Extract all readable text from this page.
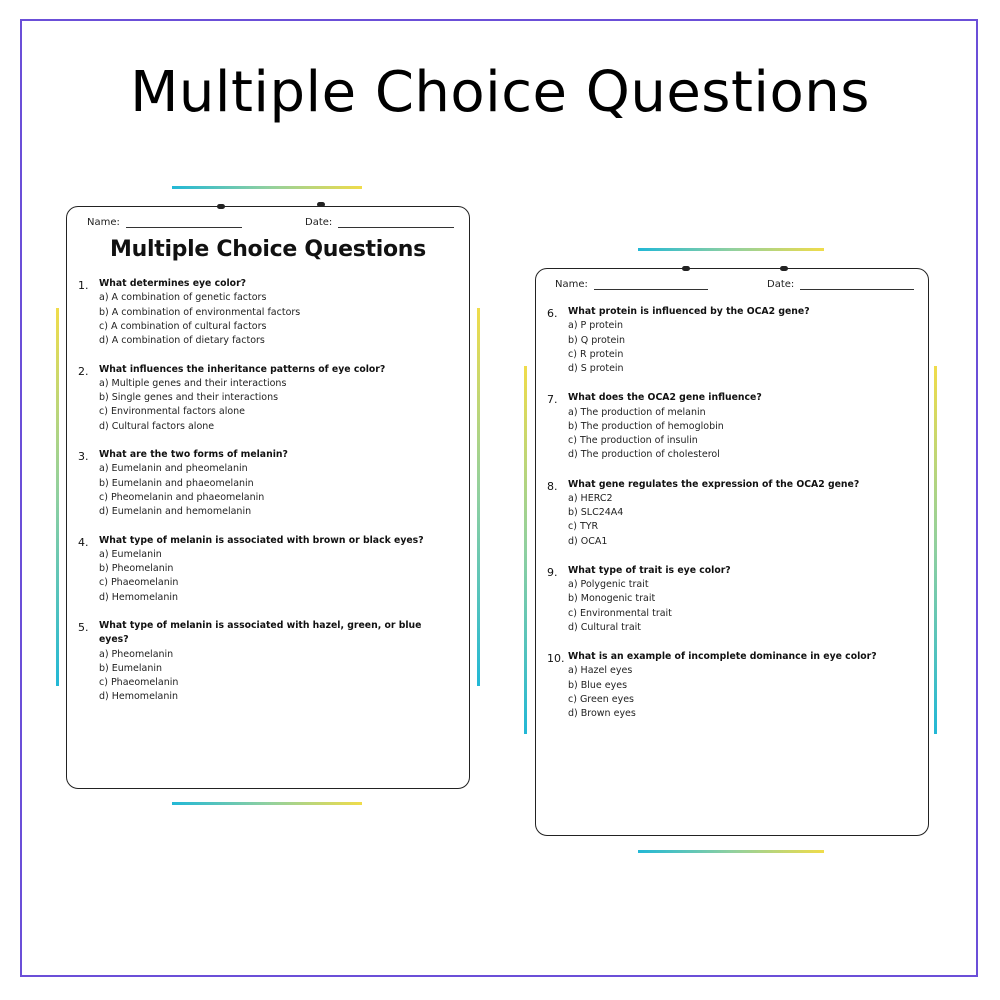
Multiple Choice Questions
Name:	Date:
Multiple Choice Questions
1. What determines eye color?
a) A combination of genetic factors
b) A combination of environmental factors
c) A combination of cultural factors
d) A combination of dietary factors
2. What influences the inheritance patterns of eye color?
a) Multiple genes and their interactions
b) Single genes and their interactions
c) Environmental factors alone
d) Cultural factors alone
3. What are the two forms of melanin?
a) Eumelanin and pheomelanin
b) Eumelanin and phaeomelanin
c) Pheomelanin and phaeomelanin
d) Eumelanin and hemomelanin
4. What type of melanin is associated with brown or black eyes?
a) Eumelanin
b) Pheomelanin
c) Phaeomelanin
d) Hemomelanin
5. What type of melanin is associated with hazel, green, or blue eyes?
a) Pheomelanin
b) Eumelanin
c) Phaeomelanin
d) Hemomelanin
Name:	Date:
6. What protein is influenced by the OCA2 gene?
a) P protein
b) Q protein
c) R protein
d) S protein
7. What does the OCA2 gene influence?
a) The production of melanin
b) The production of hemoglobin
c) The production of insulin
d) The production of cholesterol
8. What gene regulates the expression of the OCA2 gene?
a) HERC2
b) SLC24A4
c) TYR
d) OCA1
9. What type of trait is eye color?
a) Polygenic trait
b) Monogenic trait
c) Environmental trait
d) Cultural trait
10. What is an example of incomplete dominance in eye color?
a) Hazel eyes
b) Blue eyes
c) Green eyes
d) Brown eyes
